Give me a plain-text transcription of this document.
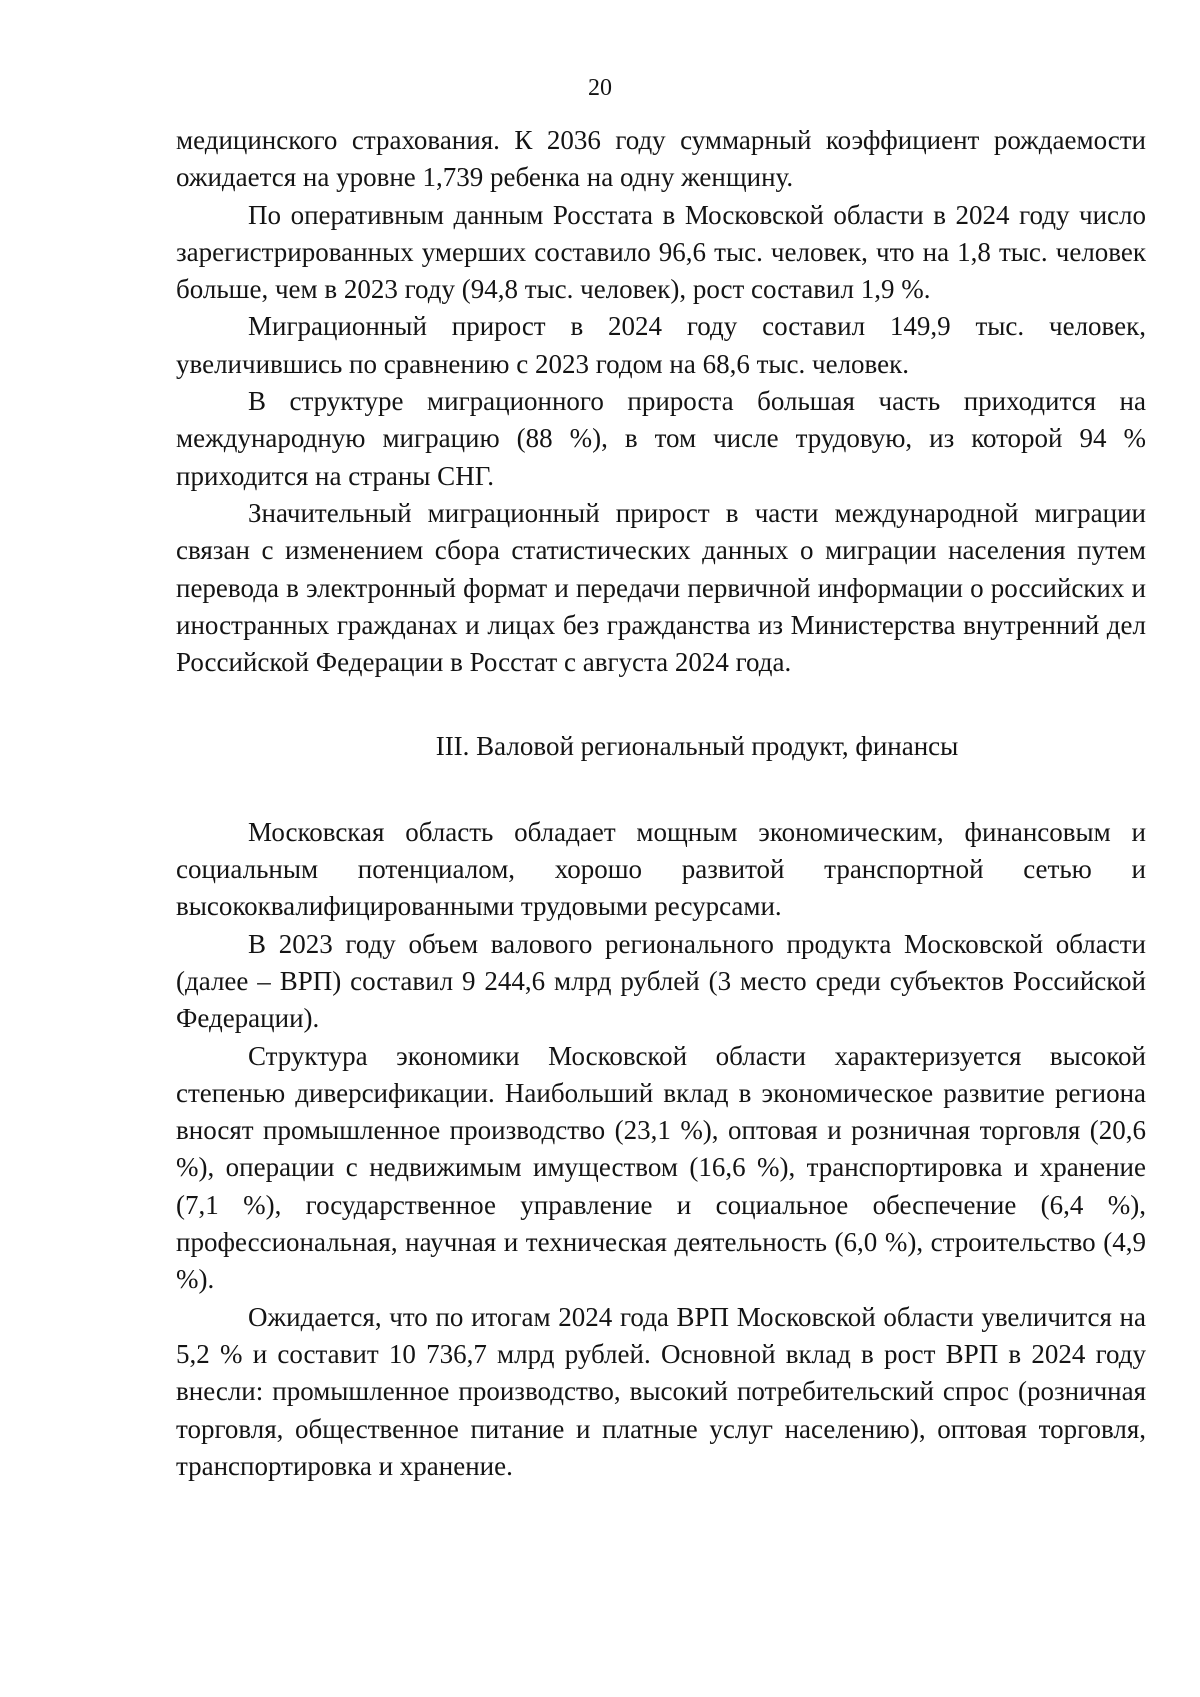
20

медицинского страхования. К 2036 году суммарный коэффициент рождаемости ожидается на уровне 1,739 ребенка на одну женщину.

По оперативным данным Росстата в Московской области в 2024 году число зарегистрированных умерших составило 96,6 тыс. человек, что на 1,8 тыс. человек больше, чем в 2023 году (94,8 тыс. человек), рост составил 1,9 %.

Миграционный прирост в 2024 году составил 149,9 тыс. человек, увеличившись по сравнению с 2023 годом на 68,6 тыс. человек.

В структуре миграционного прироста большая часть приходится на международную миграцию (88 %), в том числе трудовую, из которой 94 % приходится на страны СНГ.

Значительный миграционный прирост в части международной миграции связан с изменением сбора статистических данных о миграции населения путем перевода в электронный формат и передачи первичной информации о российских и иностранных гражданах и лицах без гражданства из Министерства внутренний дел Российской Федерации в Росстат с августа 2024 года.

III. Валовой региональный продукт, финансы

Московская область обладает мощным экономическим, финансовым и социальным потенциалом, хорошо развитой транспортной сетью и высококвалифицированными трудовыми ресурсами.

В 2023 году объем валового регионального продукта Московской области (далее – ВРП) составил 9 244,6 млрд рублей (3 место среди субъектов Российской Федерации).

Структура экономики Московской области характеризуется высокой степенью диверсификации. Наибольший вклад в экономическое развитие региона вносят промышленное производство (23,1 %), оптовая и розничная торговля (20,6 %), операции с недвижимым имуществом (16,6 %), транспортировка и хранение (7,1 %), государственное управление и социальное обеспечение (6,4 %), профессиональная, научная и техническая деятельность (6,0 %), строительство (4,9 %).

Ожидается, что по итогам 2024 года ВРП Московской области увеличится на 5,2 % и составит 10 736,7 млрд рублей. Основной вклад в рост ВРП в 2024 году внесли: промышленное производство, высокий потребительский спрос (розничная торговля, общественное питание и платные услуг населению), оптовая торговля, транспортировка и хранение.
